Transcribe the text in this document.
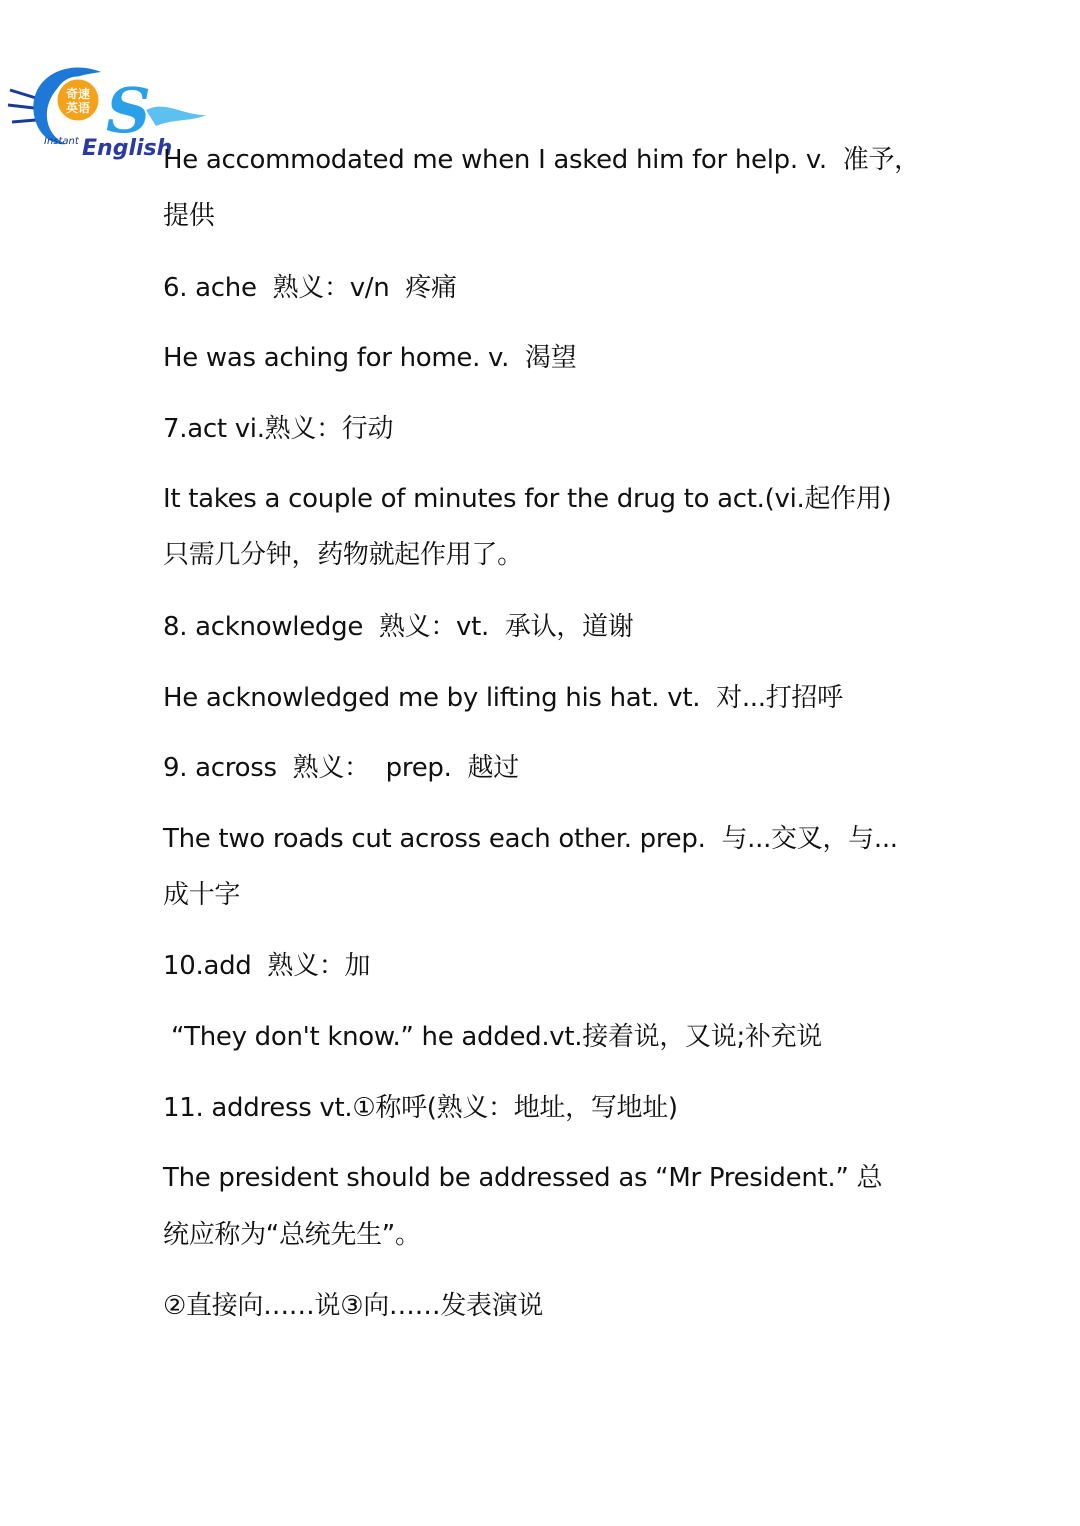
奇速
英语 S
Instant English
He accommodated me when I asked him for help. v.  准予，
提供
6. ache  熟义：v/n  疼痛
He was aching for home. v.  渴望
7.act vi.熟义：行动
It takes a couple of minutes for the drug to act.(vi.起作用)
只需几分钟，药物就起作用了。
8. acknowledge  熟义：vt.  承认，道谢
He acknowledged me by lifting his hat. vt.  对...打招呼
9. across  熟义：  prep.  越过
The two roads cut across each other. prep.  与...交叉，与...
成十字
10.add  熟义：加
“They don't know.” he added.vt.接着说，又说;补充说
11. address vt.①称呼(熟义：地址，写地址)
The president should be addressed as “Mr President.” 总
统应称为“总统先生”。
②直接向……说③向……发表演说
